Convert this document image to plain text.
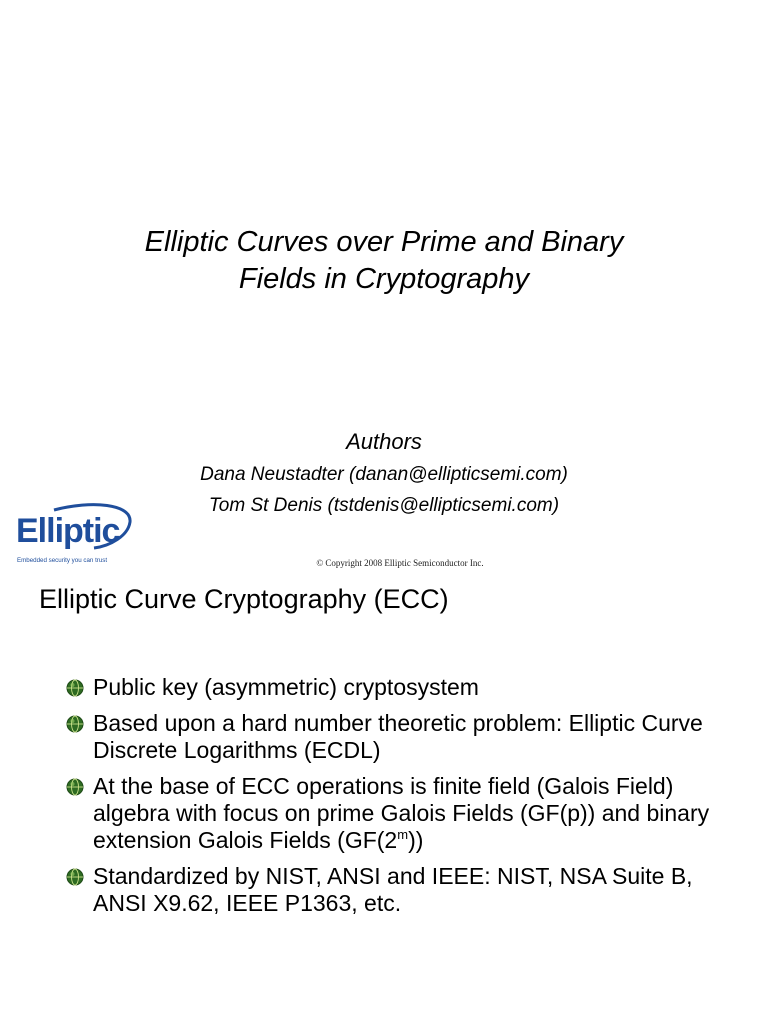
Elliptic Curves over Prime and Binary
Fields in Cryptography
Authors
Dana Neustadter (danan@ellipticsemi.com)
Tom St Denis (tstdenis@ellipticsemi.com)
Elliptic
Embedded security you can trust	© Copyright 2008 Elliptic Semiconductor Inc.
Elliptic Curve Cryptography (ECC)
Public key (asymmetric) cryptosystem
Based upon a hard number theoretic problem: Elliptic Curve Discrete Logarithms (ECDL)
At the base of ECC operations is finite field (Galois Field) algebra with focus on prime Galois Fields (GF(p)) and binary extension Galois Fields (GF(2$^m$))
Standardized by NIST, ANSI and IEEE: NIST, NSA Suite B, ANSI X9.62, IEEE P1363, etc.
